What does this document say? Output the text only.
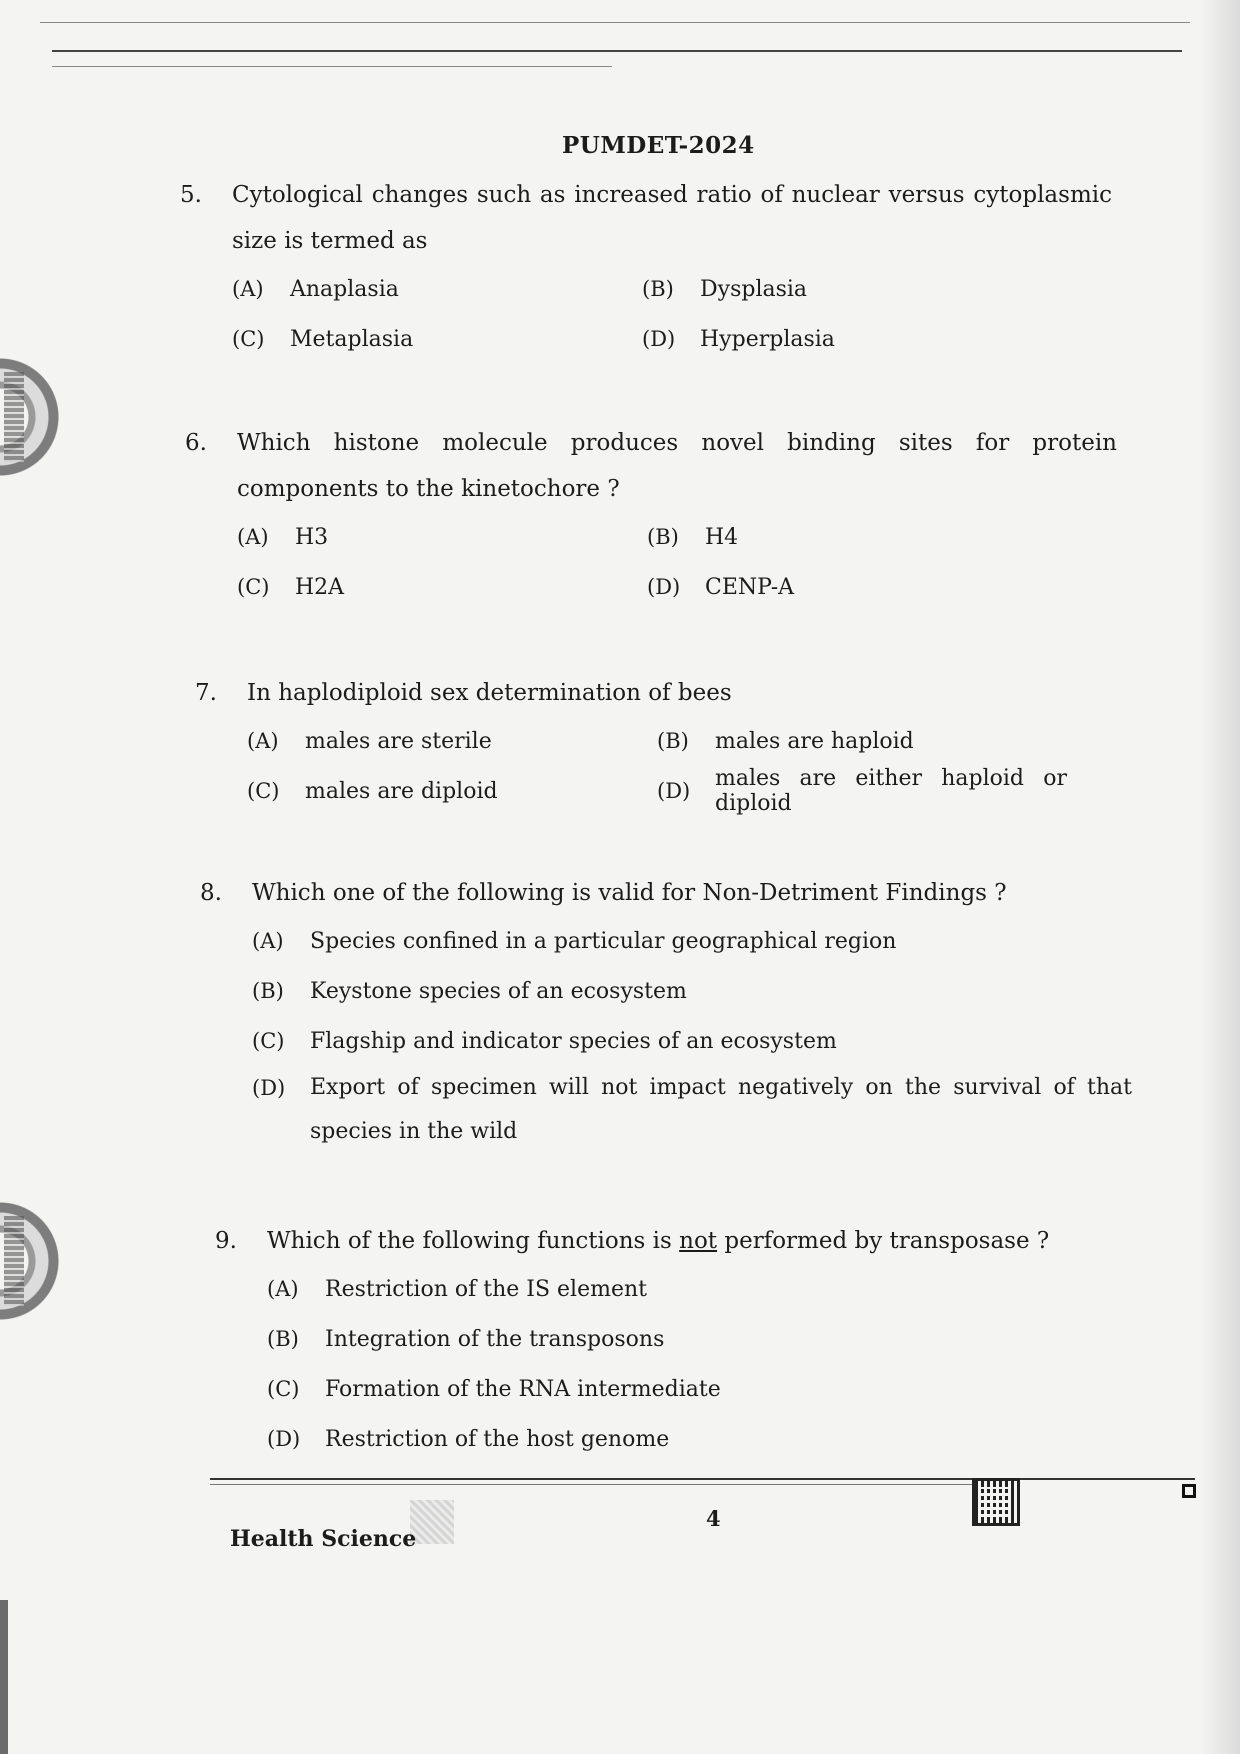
PUMDET-2024
5.	Cytological changes such as increased ratio of nuclear versus cytoplasmic size is termed as
(A)	Anaplasia	(B)	Dysplasia
(C)	Metaplasia	(D)	Hyperplasia
6.	Which histone molecule produces novel binding sites for protein components to the kinetochore ?
(A)	H3	(B)	H4
(C)	H2A	(D)	CENP-A
7.	In haplodiploid sex determination of bees
(A)	males are sterile	(B)	males are haploid
(C)	males are diploid	(D)	males are either haploid or diploid
8.	Which one of the following is valid for Non-Detriment Findings ?
(A)	Species confined in a particular geographical region
(B)	Keystone species of an ecosystem
(C)	Flagship and indicator species of an ecosystem
(D)	Export of specimen will not impact negatively on the survival of that species in the wild
9.	Which of the following functions is not performed by transposase ?
(A)	Restriction of the IS element
(B)	Integration of the transposons
(C)	Formation of the RNA intermediate
(D)	Restriction of the host genome
4
Health Science
